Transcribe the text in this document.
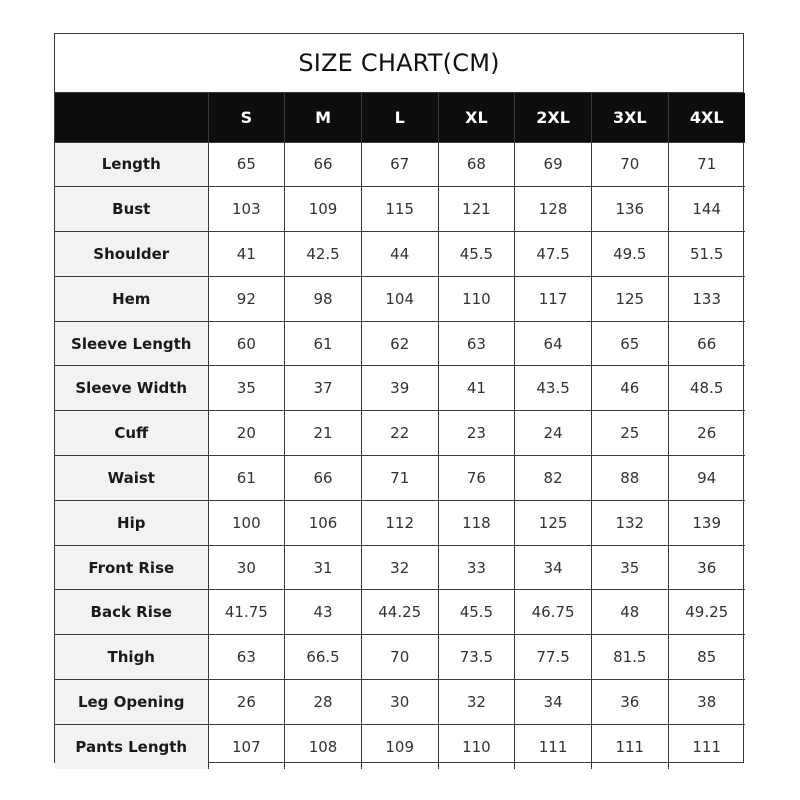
SIZE CHART(CM)
	S	M	L	XL	2XL	3XL	4XL
Length	65	66	67	68	69	70	71
Bust	103	109	115	121	128	136	144
Shoulder	41	42.5	44	45.5	47.5	49.5	51.5
Hem	92	98	104	110	117	125	133
Sleeve Length	60	61	62	63	64	65	66
Sleeve Width	35	37	39	41	43.5	46	48.5
Cuff	20	21	22	23	24	25	26
Waist	61	66	71	76	82	88	94
Hip	100	106	112	118	125	132	139
Front Rise	30	31	32	33	34	35	36
Back Rise	41.75	43	44.25	45.5	46.75	48	49.25
Thigh	63	66.5	70	73.5	77.5	81.5	85
Leg Opening	26	28	30	32	34	36	38
Pants Length	107	108	109	110	111	111	111
